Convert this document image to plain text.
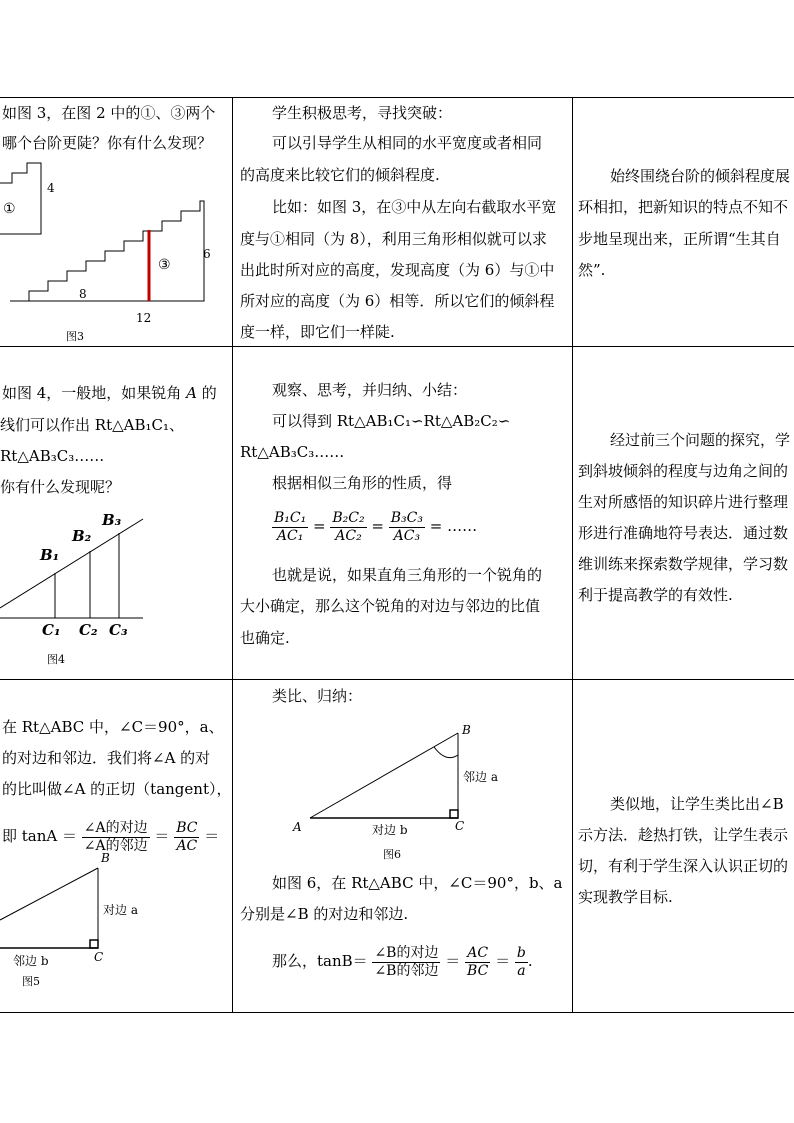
如图 3，在图 2 中的①、③两个
哪个台阶更陡？你有什么发现？
4
①
③
6
8
12
图3
学生积极思考，寻找突破：
可以引导学生从相同的水平宽度或者相同
的高度来比较它们的倾斜程度.
比如：如图 3，在③中从左向右截取水平宽
度与①相同（为 8），利用三角形相似就可以求
出此时所对应的高度，发现高度（为 6）与①中
所对应的高度（为 6）相等．所以它们的倾斜程
度一样，即它们一样陡.
始终围绕台阶的倾斜程度展
环相扣，把新知识的特点不知不
步地呈现出来，正所谓“生其自
然”.
如图 4，一般地，如果锐角 A 的
线们可以作出 Rt△AB₁C₁、
Rt△AB₃C₃……
你有什么发现呢？
B₁
B₂
B₃
C₁ C₂ C₃
图4
观察、思考，并归纳、小结：
可以得到 Rt△AB₁C₁∽Rt△AB₂C₂∽
Rt△AB₃C₃……
根据相似三角形的性质，得
$\frac{\text{B₁C₁}}{\text{AC₁}} = \frac{\text{B₂C₂}}{\text{AC₂}} = \frac{\text{B₃C₃}}{\text{AC₃}}$ = ……
也就是说，如果直角三角形的一个锐角的
大小确定，那么这个锐角的对边与邻边的比值
也确定.
经过前三个问题的探究，学
到斜坡倾斜的程度与边角之间的
生对所感悟的知识碎片进行整理
形进行准确地符号表达．通过数
维训练来探索数学规律，学习数
利于提高教学的有效性.
在 Rt△ABC 中，∠C＝90°，a、
的对边和邻边．我们将∠A 的对
的比叫做∠A 的正切（tangent），
即 $\tan A = \frac{\text{∠A的对边}}{\text{∠A的邻边}} = \frac{BC}{AC}$ ＝
B
对边 a
邻边 b	C
图5
类比、归纳：
B
邻边 a
A	对边 b	C
图6
如图 6，在 Rt△ABC 中，∠C＝90°，b、a
分别是∠B 的对边和邻边.
那么，$\tan B= \frac{\text{∠B的对边}}{\text{∠B的邻边}} = \frac{AC}{BC} = \frac{b}{a}$ .
类似地，让学生类比出∠B
示方法．趁热打铁，让学生表示
切，有利于学生深入认识正切的
实现教学目标.
